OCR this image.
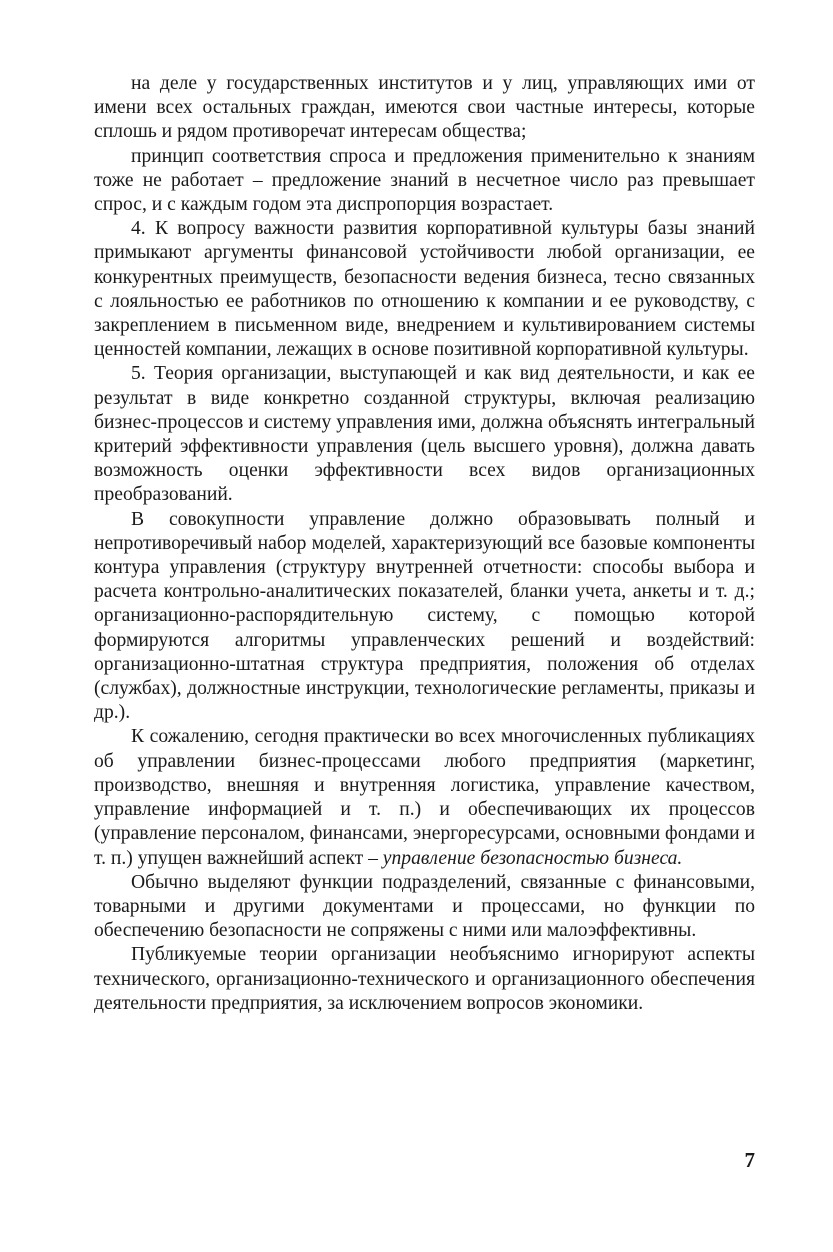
на деле у государственных институтов и у лиц, управляющих ими от имени всех остальных граждан, имеются свои частные интересы, которые сплошь и рядом противоречат интересам общества;

принцип соответствия спроса и предложения применительно к знаниям тоже не работает – предложение знаний в несчетное число раз превышает спрос, и с каждым годом эта диспропорция возрастает.

4. К вопросу важности развития корпоративной культуры базы знаний примыкают аргументы финансовой устойчивости любой организации, ее конкурентных преимуществ, безопасности ведения бизнеса, тесно связанных с лояльностью ее работников по отношению к компании и ее руководству, с закреплением в письменном виде, внедрением и культивированием системы ценностей компании, лежащих в основе позитивной корпоративной культуры.

5. Теория организации, выступающей и как вид деятельности, и как ее результат в виде конкретно созданной структуры, включая реализацию бизнес-процессов и систему управления ими, должна объяснять интегральный критерий эффективности управления (цель высшего уровня), должна давать возможность оценки эффективности всех видов организационных преобразований.

В совокупности управление должно образовывать полный и непротиворечивый набор моделей, характеризующий все базовые компоненты контура управления (структуру внутренней отчетности: способы выбора и расчета контрольно-аналитических показателей, бланки учета, анкеты и т. д.; организационно-распорядительную систему, с помощью которой формируются алгоритмы управленческих решений и воздействий: организационно-штатная структура предприятия, положения об отделах (службах), должностные инструкции, технологические регламенты, приказы и др.).

К сожалению, сегодня практически во всех многочисленных публикациях об управлении бизнес-процессами любого предприятия (маркетинг, производство, внешняя и внутренняя логистика, управление качеством, управление информацией и т. п.) и обеспечивающих их процессов (управление персоналом, финансами, энергоресурсами, основными фондами и т. п.) упущен важнейший аспект – управление безопасностью бизнеса.

Обычно выделяют функции подразделений, связанные с финансовыми, товарными и другими документами и процессами, но функции по обеспечению безопасности не сопряжены с ними или малоэффективны.

Публикуемые теории организации необъяснимо игнорируют аспекты технического, организационно-технического и организационного обеспечения деятельности предприятия, за исключением вопросов экономики.

7
